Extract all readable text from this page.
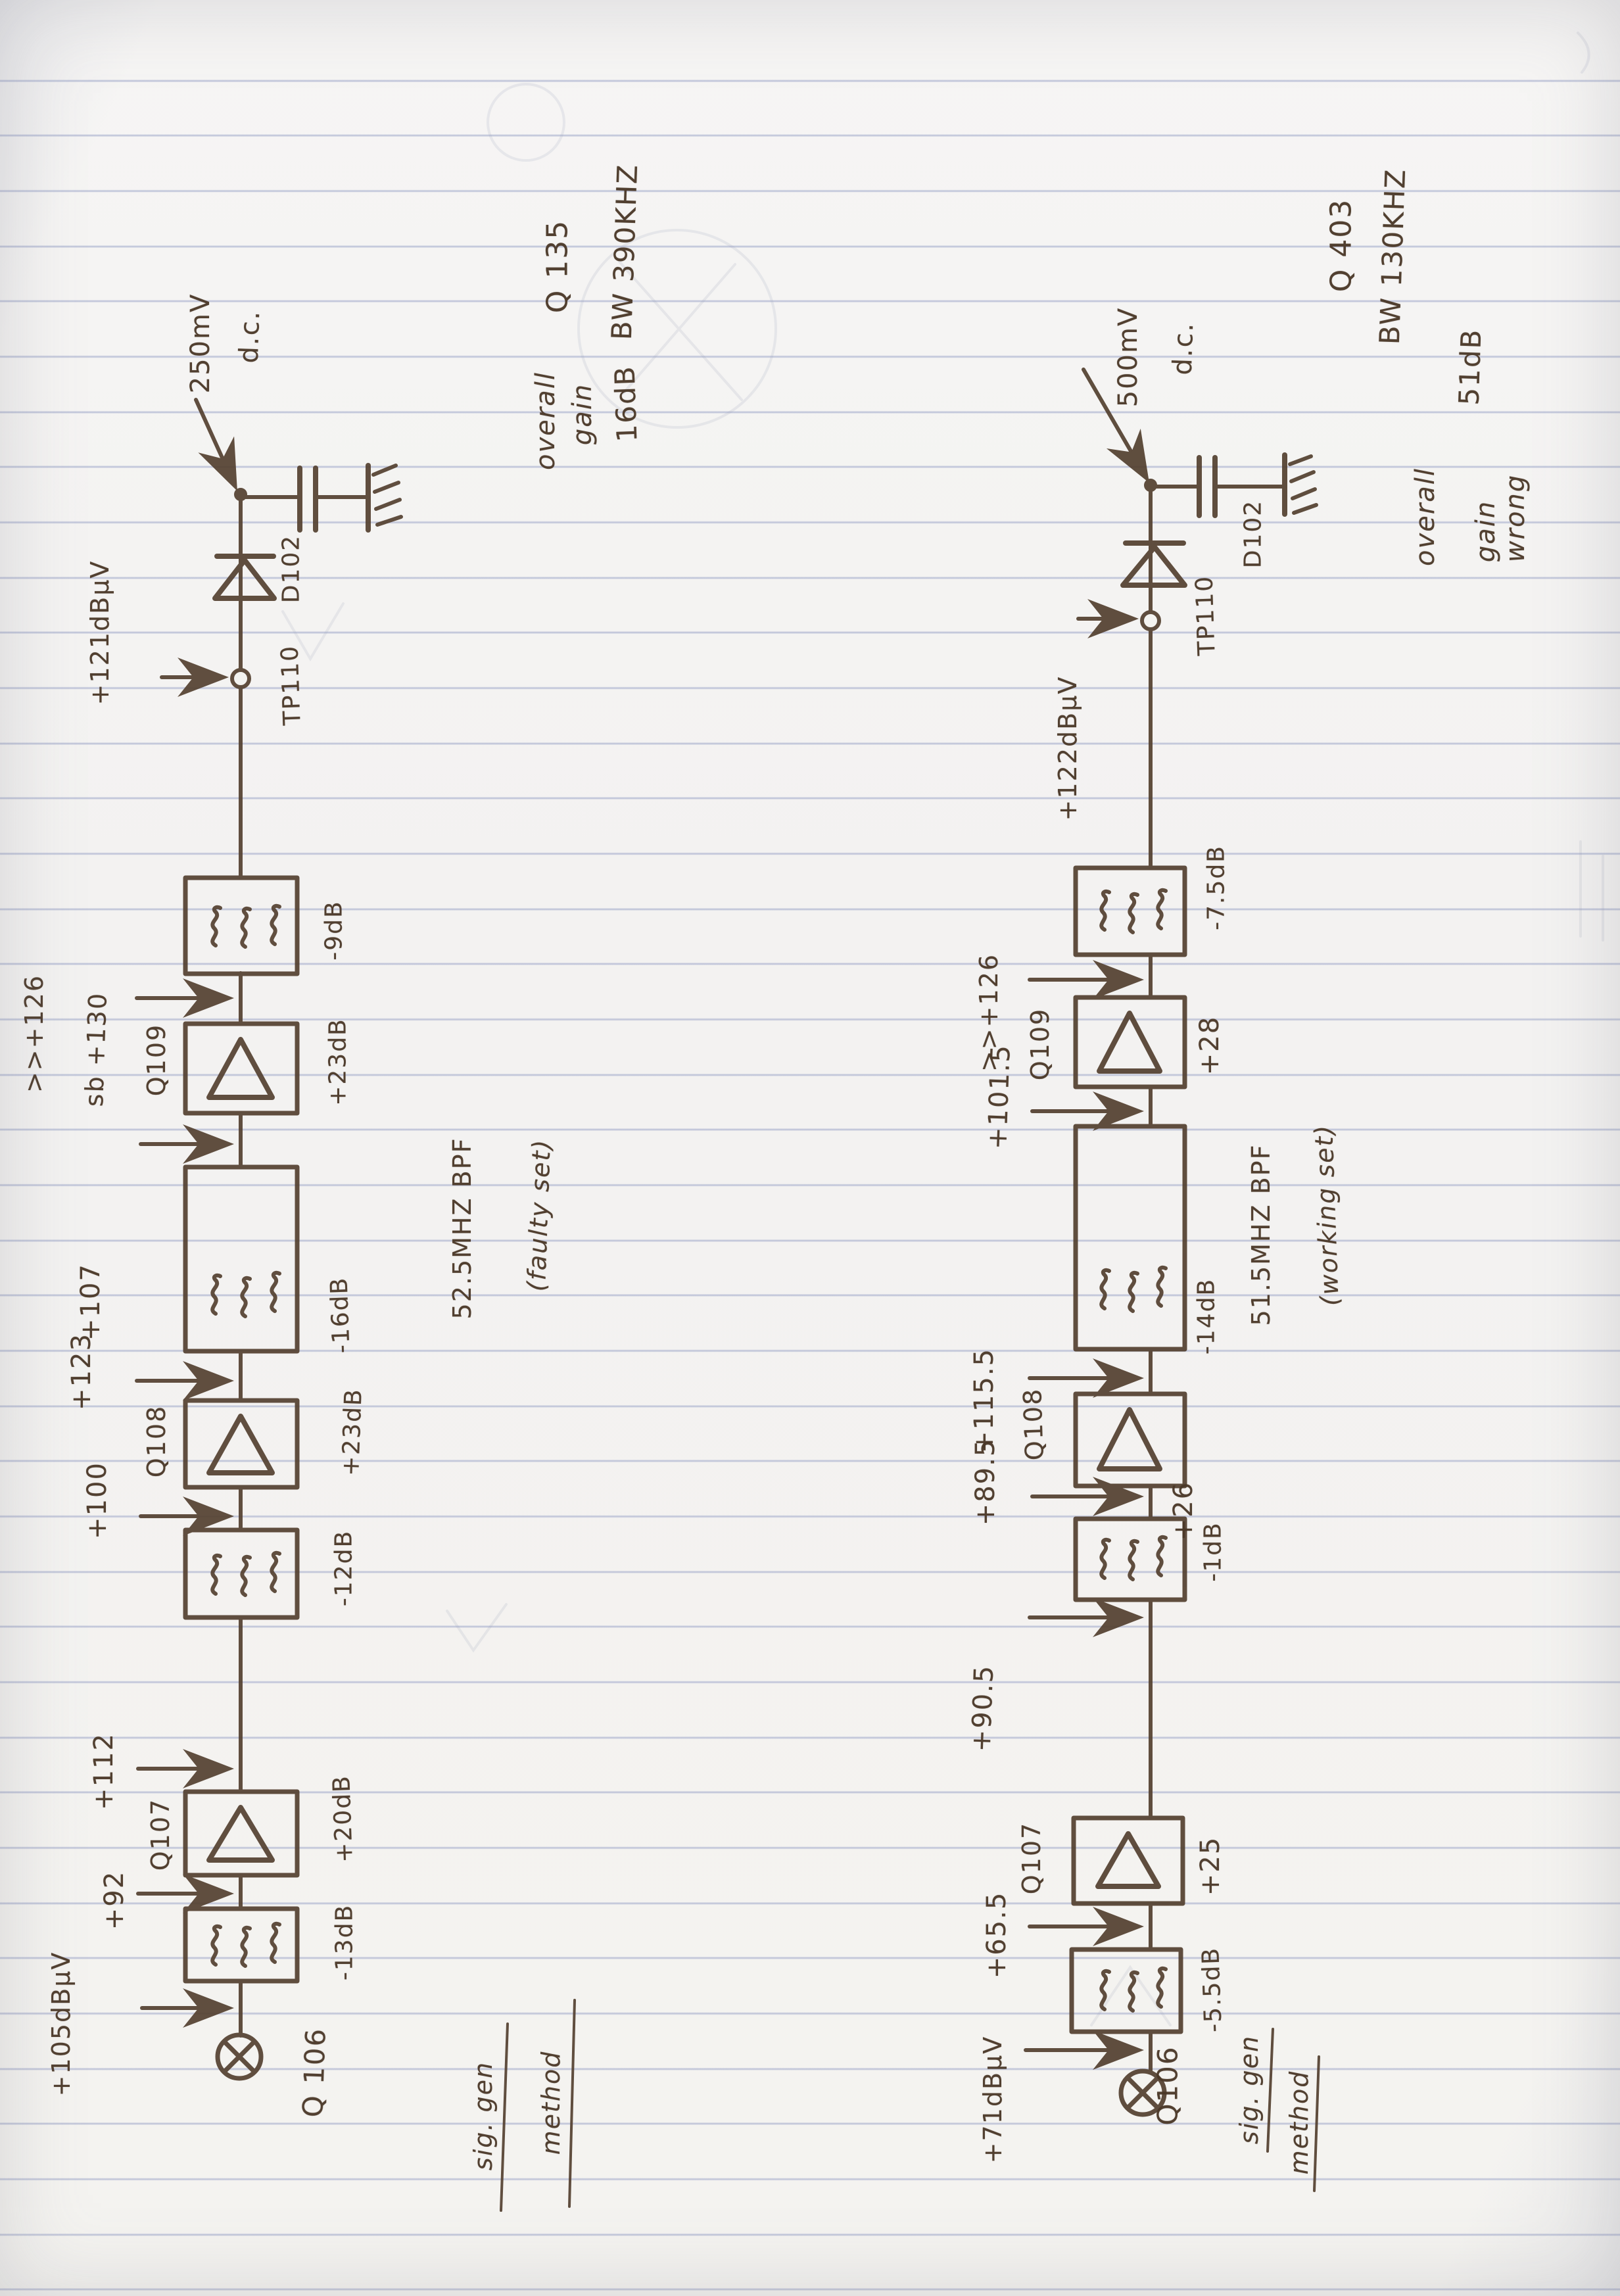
250mV d.c.
D102
TP110
+121dBμV
-9dB
>>+126 sb +130 Q109	+23dB
+107	-16dB
+123
Q108	+23dB
+100
-12dB
+112
Q107	+20dB
+92
-13dB
+105dBμV	Q 106
52.5MHZ BPF (faulty set)
overall gain 16dB
Q 135 BW 390KHZ
sig. gen method
500mV d.c.
D102
TP110
+122dBμV
-7.5dB
>>+126 Q109	+28
+101.5
-14dB
+115.5 Q108
+26
+89.5
-1dB
+90.5
Q107	+25
+65.5
-5.5dB
+71dBμV	Q106
51.5MHZ BPF (working set)
overall
51dB
gain wrong
Q 403 BW 130KHZ
sig. gen method
